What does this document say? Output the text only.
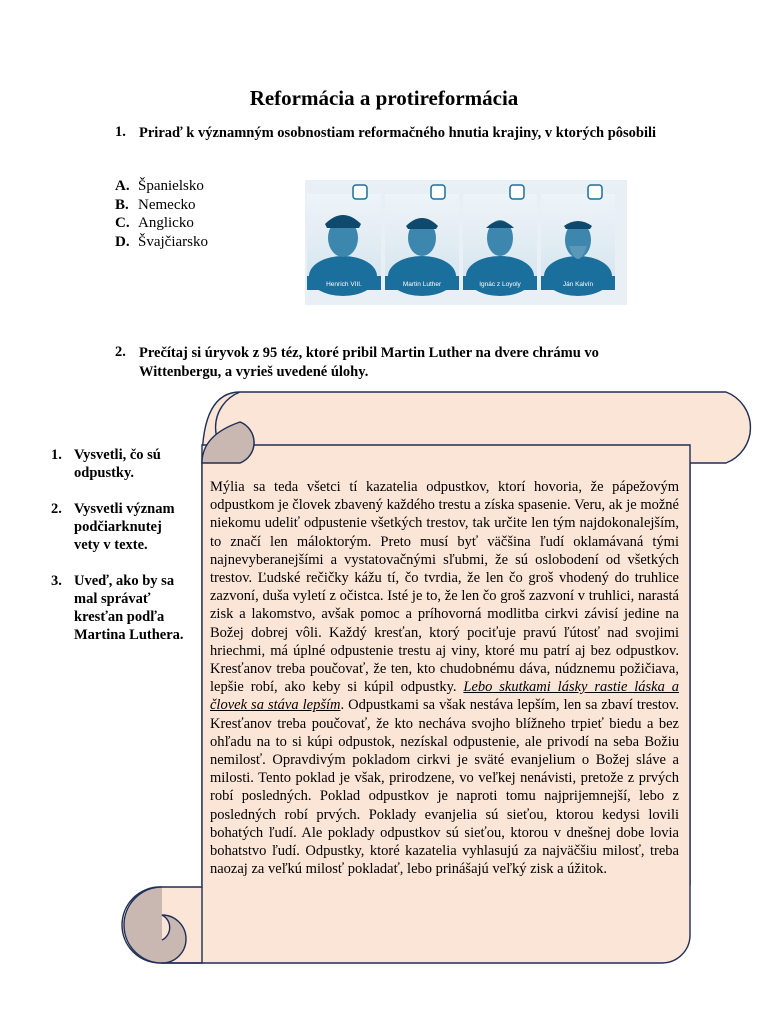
Reformácia a protireformácia
1. Priraď k významným osobnostiam reformačného hnutia krajiny, v ktorých pôsobili
A. Španielsko
B. Nemecko
C. Anglicko
D. Švajčiarsko
Henrich VIII.	Martin Luther	Ignác z Loyoly	Ján Kalvín
2. Prečítaj si úryvok z 95 téz, ktoré pribil Martin Luther na dvere chrámu vo Wittenbergu, a vyrieš uvedené úlohy.
1. Vysvetli, čo sú odpustky.
2. Vysvetli význam podčiarknutej vety v texte.
3. Uveď, ako by sa mal správať kresťan podľa Martina Luthera.
Mýlia sa teda všetci tí kazatelia odpustkov, ktorí hovoria, že pápežovým odpustkom je človek zbavený každého trestu a získa spasenie. Veru, ak je možné niekomu udeliť odpustenie všetkých trestov, tak určite len tým najdokonalejším, to značí len máloktorým. Preto musí byť väčšina ľudí oklamávaná tými najnevyberanejšími a vystatovačnými sľubmi, že sú oslobodení od všetkých trestov. Ľudské rečičky kážu tí, čo tvrdia, že len čo groš vhodený do truhlice zazvoní, duša vyletí z očistca. Isté je to, že len čo groš zazvoní v truhlici, narastá zisk a lakomstvo, avšak pomoc a príhovorná modlitba cirkvi závisí jedine na Božej dobrej vôli. Každý kresťan, ktorý pociťuje pravú ľútosť nad svojimi hriechmi, má úplné odpustenie trestu aj viny, ktoré mu patrí aj bez odpustkov. Kresťanov treba poučovať, že ten, kto chudobnému dáva, núdznemu požičiava, lepšie robí, ako keby si kúpil odpustky. Lebo skutkami lásky rastie láska a človek sa stáva lepším. Odpustkami sa však nestáva lepším, len sa zbaví trestov. Kresťanov treba poučovať, že kto necháva svojho blížneho trpieť biedu a bez ohľadu na to si kúpi odpustok, nezískal odpustenie, ale privodí na seba Božiu nemilosť. Opravdivým pokladom cirkvi je sväté evanjelium o Božej sláve a milosti. Tento poklad je však, prirodzene, vo veľkej nenávisti, pretože z prvých robí posledných. Poklad odpustkov je naproti tomu najprijemnejší, lebo z posledných robí prvých. Poklady evanjelia sú sieťou, ktorou kedysi lovili bohatých ľudí. Ale poklady odpustkov sú sieťou, ktorou v dnešnej dobe lovia bohatstvo ľudí. Odpustky, ktoré kazatelia vyhlasujú za najväčšiu milosť, treba naozaj za veľkú milosť pokladať, lebo prinášajú veľký zisk a úžitok.
